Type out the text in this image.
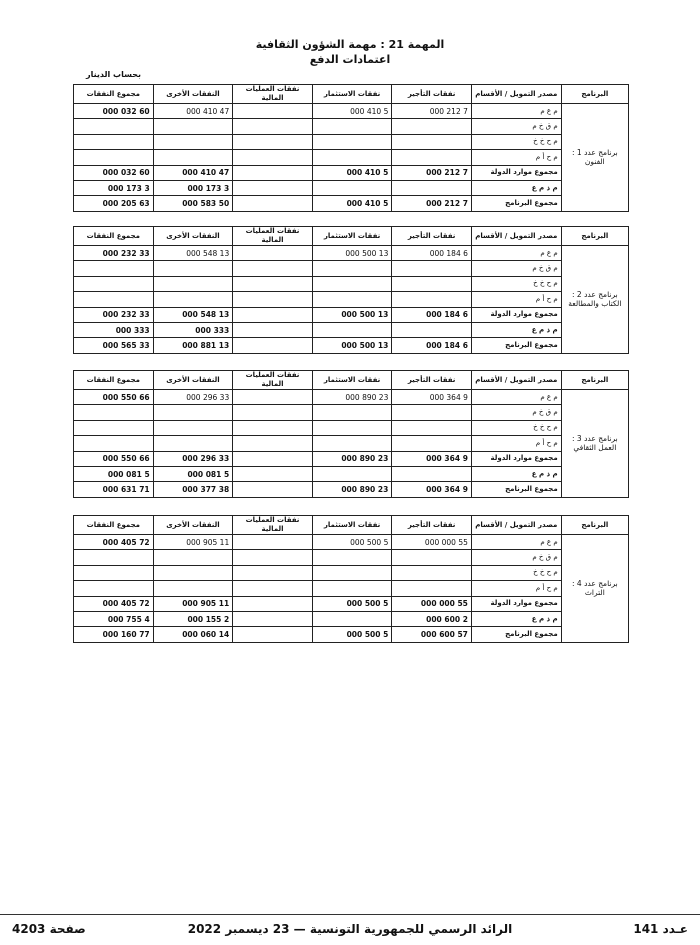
المهمة 21 : مهمة الشؤون الثقافية
اعتمادات الدفع
بحساب الدينار
البرنامج	مصدر التمويل / الأقسام	نفقات التأجير	نفقات الاستثمار	نفقات العمليات المالية	النفقات الأخرى	مجموع النفقات
برنامج عدد 1 : الفنون	م ع م	7 212 000	5 410 000		47 410 000	60 032 000
	م ق خ م					
	م ح خ خ					
	م ح أ م					
	مجموع موارد الدولة	7 212 000	5 410 000		47 410 000	60 032 000
	م ذ م ع				3 173 000	3 173 000
	مجموع البرنامج	7 212 000	5 410 000		50 583 000	63 205 000
البرنامج	مصدر التمويل / الأقسام	نفقات التأجير	نفقات الاستثمار	نفقات العمليات المالية	النفقات الأخرى	مجموع النفقات
برنامج عدد 2 : الكتاب والمطالعة	م ع م	6 184 000	13 500 000		13 548 000	33 232 000
	م ق خ م					
	م ح خ خ					
	م ح أ م					
	مجموع موارد الدولة	6 184 000	13 500 000		13 548 000	33 232 000
	م ذ م ع				333 000	333 000
	مجموع البرنامج	6 184 000	13 500 000		13 881 000	33 565 000
البرنامج	مصدر التمويل / الأقسام	نفقات التأجير	نفقات الاستثمار	نفقات العمليات المالية	النفقات الأخرى	مجموع النفقات
برنامج عدد 3 : العمل الثقافي	م ع م	9 364 000	23 890 000		33 296 000	66 550 000
	م ق خ م					
	م ح خ خ					
	م ح أ م					
	مجموع موارد الدولة	9 364 000	23 890 000		33 296 000	66 550 000
	م ذ م ع				5 081 000	5 081 000
	مجموع البرنامج	9 364 000	23 890 000		38 377 000	71 631 000
البرنامج	مصدر التمويل / الأقسام	نفقات التأجير	نفقات الاستثمار	نفقات العمليات المالية	النفقات الأخرى	مجموع النفقات
برنامج عدد 4 : التراث	م ع م	55 000 000	5 500 000		11 905 000	72 405 000
	م ق خ م					
	م ح خ خ					
	م ح أ م					
	مجموع موارد الدولة	55 000 000	5 500 000		11 905 000	72 405 000
	م ذ م ع	2 600 000			2 155 000	4 755 000
	مجموع البرنامج	57 600 000	5 500 000		14 060 000	77 160 000
عـدد 141
الرائد الرسمي للجمهورية التونسية — 23 ديسمبر 2022
صفحة 4203
